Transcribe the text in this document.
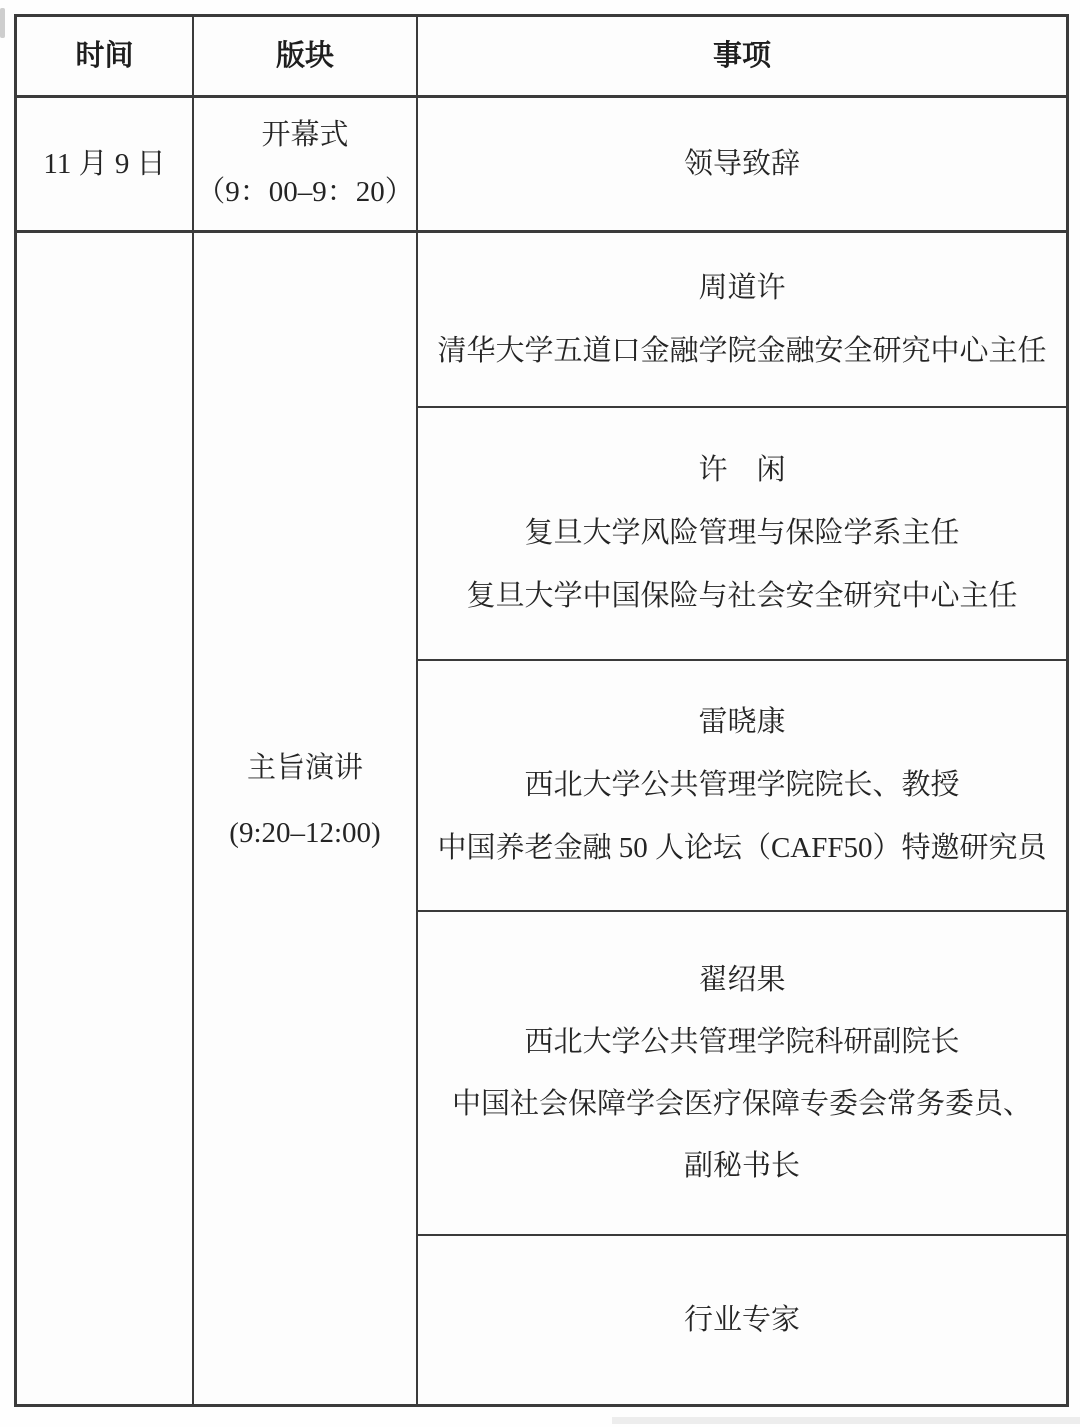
时间	版块	事项
11 月 9 日
开幕式
（9：00–9：20）
领导致辞
主旨演讲
(9:20–12:00)
周道许
清华大学五道口金融学院金融安全研究中心主任
许　闲
复旦大学风险管理与保险学系主任
复旦大学中国保险与社会安全研究中心主任
雷晓康
西北大学公共管理学院院长、教授
中国养老金融 50 人论坛（CAFF50）特邀研究员
翟绍果
西北大学公共管理学院科研副院长
中国社会保障学会医疗保障专委会常务委员、
副秘书长
行业专家
